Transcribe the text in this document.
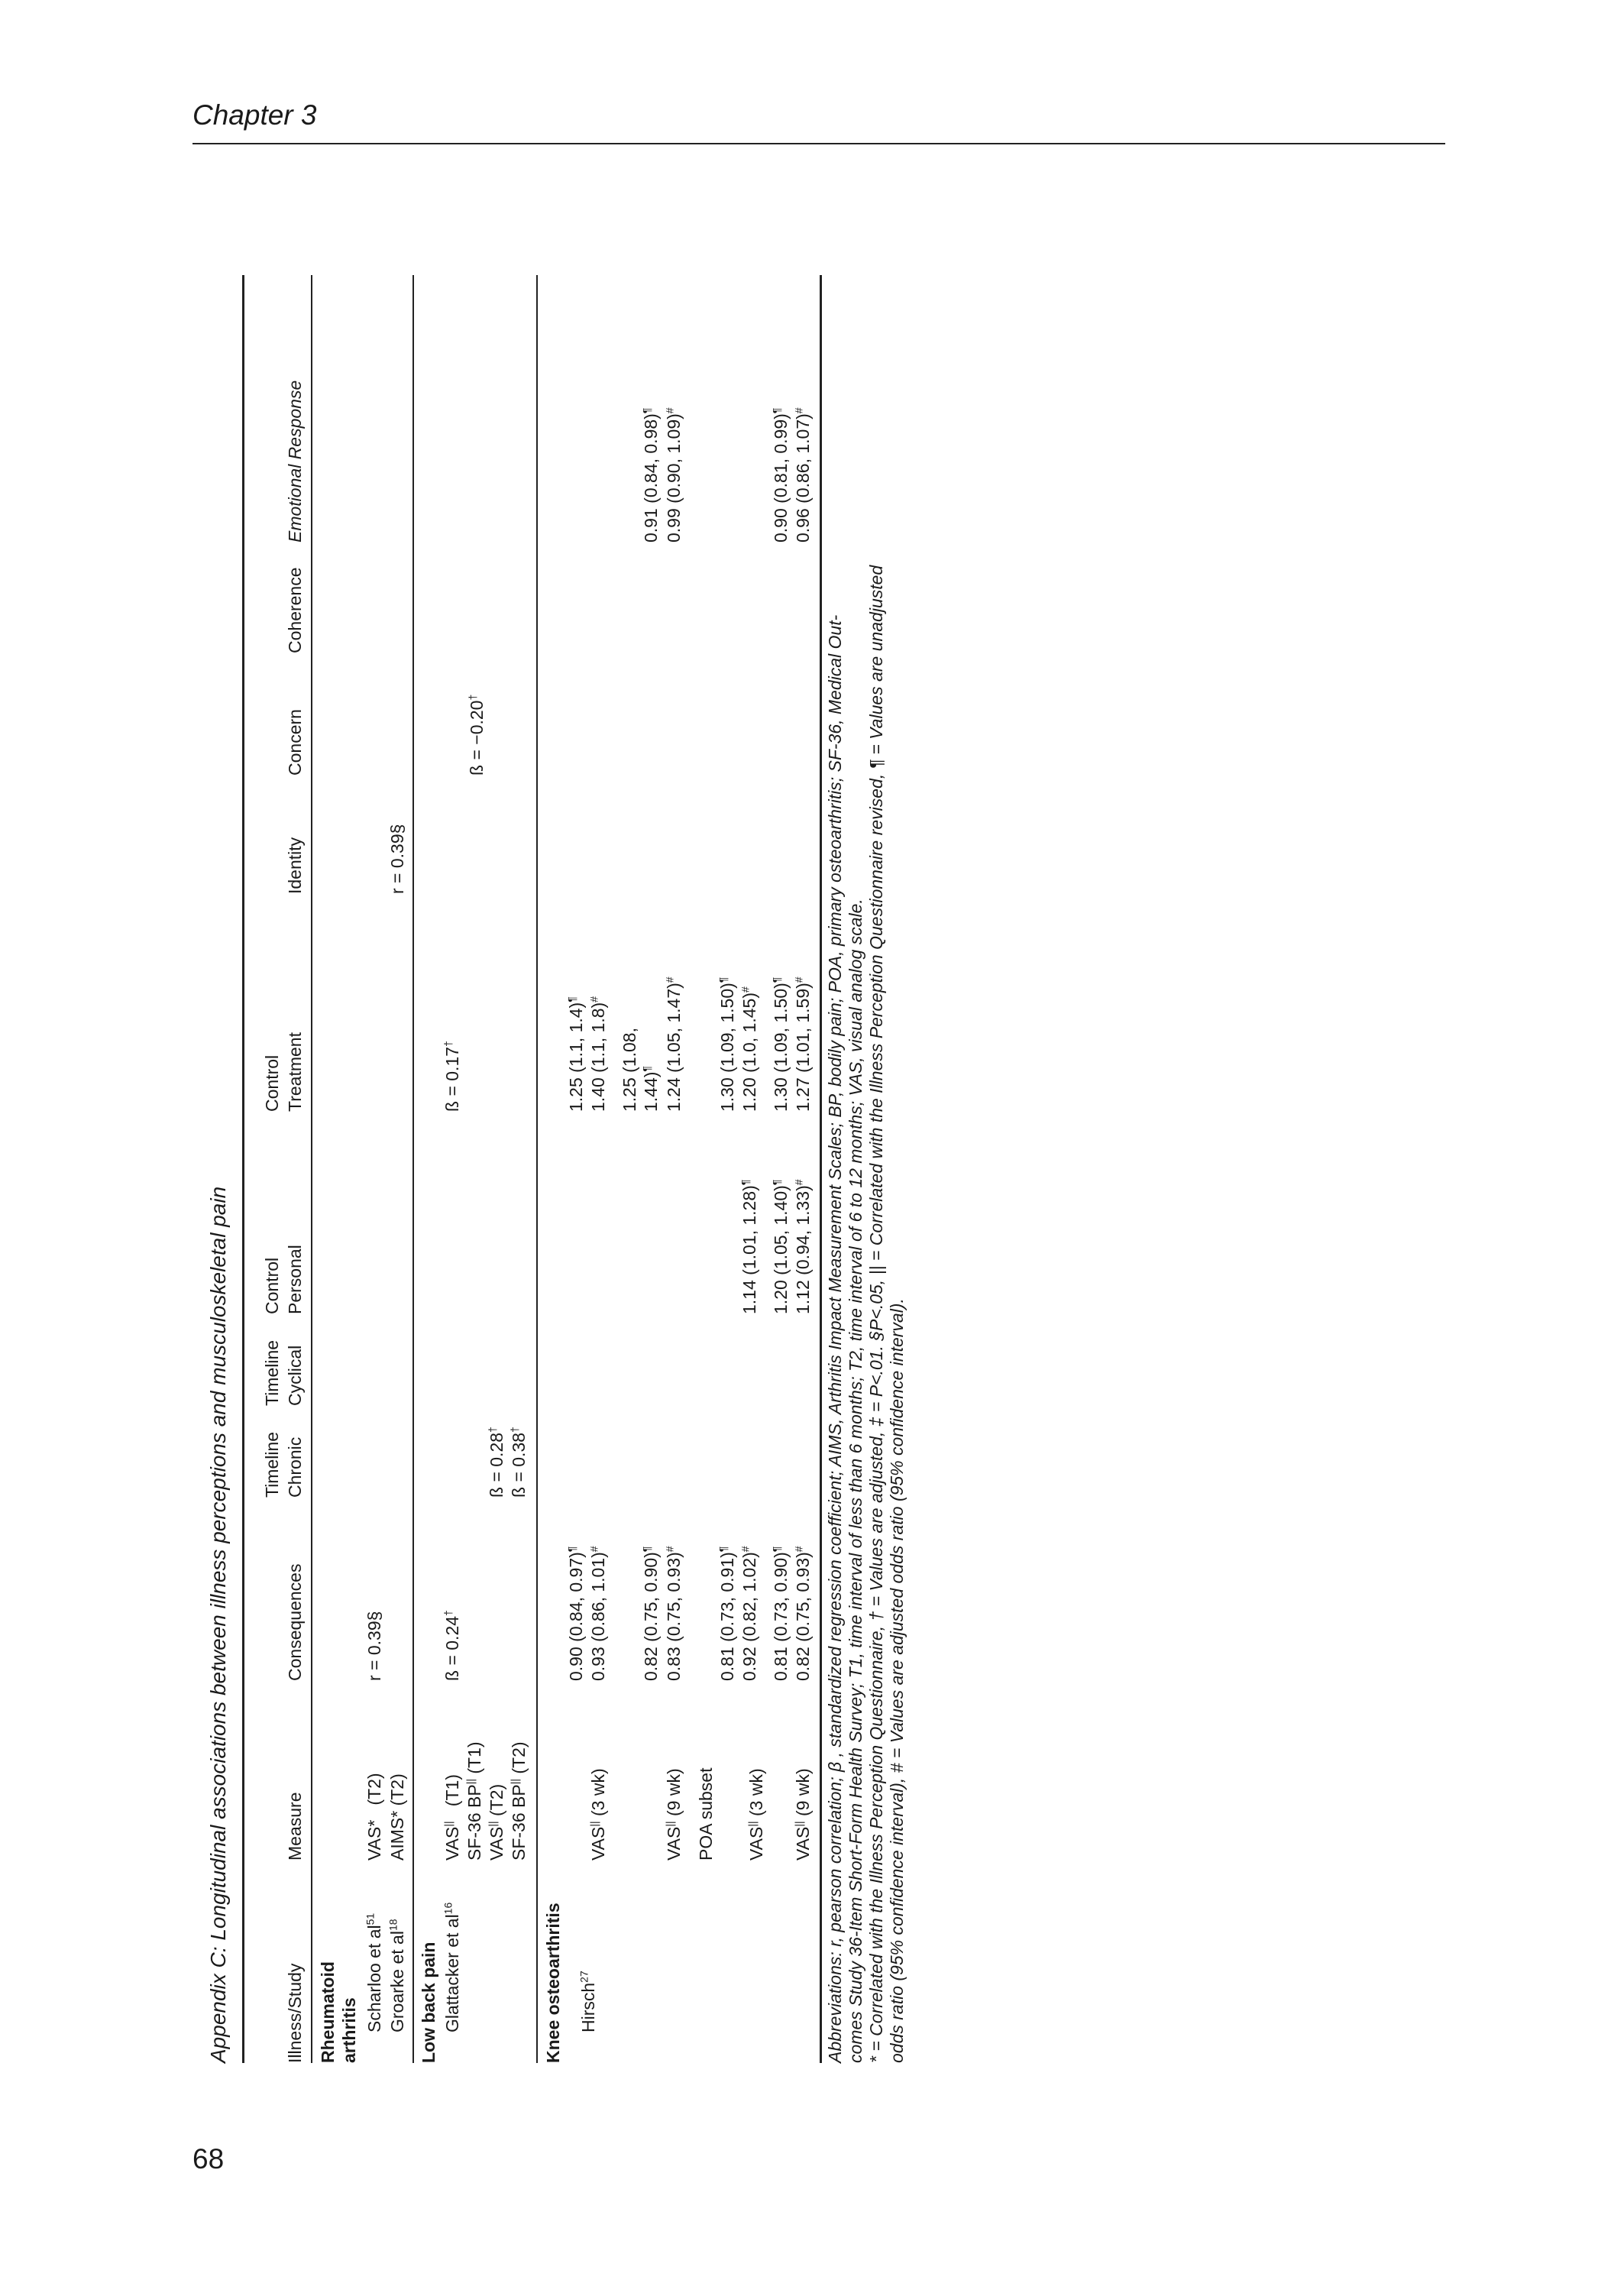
Chapter 3
68
Appendix C: Longitudinal associations between illness perceptions and musculoskeletal pain	Illness/Study
Measure
Consequences
Timeline Chronic
Timeline Cyclical
Control Personal
Control Treatment
Identity
Concern
Coherence
Emotional Response
Rheumatoid arthritis Scharloo et $al^{51}$
VAS*   (T2)
r = 0.39§
Groarke et $al^{18}$
AIMS* (T2)
r = 0.39§
Low back pain Glattacker et $al^{16}$
VAS||   (T1)
ß = 0.24†
ß = 0.17†
ß = −0.20†
SF-36 BP|| (T1)
VAS|| (T2)
ß = 0.28†
SF-36 BP|| (T2)
ß = 0.38†
Knee osteoarthritis
0.90 (0.84, 0.97)¶
1.25 (1.1, 1.4)¶
Hirsch$^{27}$
VAS|| (3 wk)
0.93 (0.86, 1.01)#
1.40 (1.1, 1.8)#
1.25 (1.08,
0.82 (0.75, 0.90)¶
1.44)¶
0.91 (0.84, 0.98)¶
VAS|| (9 wk)
0.83 (0.75, 0.93)#
1.24 (1.05, 1.47)#
0.99 (0.90, 1.09)#
POA subset
0.81 (0.73, 0.91)¶
1.30 (1.09, 1.50)¶
VAS|| (3 wk)
0.92 (0.82, 1.02)#
1.14 (1.01, 1.28)¶
1.20 (1.0, 1.45)#
0.81 (0.73, 0.90)¶
1.20 (1.05, 1.40)¶
1.30 (1.09, 1.50)¶
0.90 (0.81, 0.99)¶
VAS|| (9 wk)
0.82 (0.75, 0.93)#
1.12 (0.94, 1.33)#
1.27 (1.01, 1.59)#
0.96 (0.86, 1.07)#
Abbreviations: r, pearson correlation; β , standardized regression coefficient; AIMS, Arthritis Impact Measurement Scales; BP, bodily pain; POA, primary osteoarthritis; SF-36, Medical Out- comes Study 36-Item Short-Form Health Survey; T1, time interval of less than 6 months; T2, time interval of 6 to 12 months; VAS, visual analog scale. * = Correlated with the Illness Perception Questionnaire, † = Values are adjusted, ‡ = P<.01. §P<.05, || = Correlated with the Illness Perception Questionnaire revised, ¶ = Values are unadjusted odds ratio (95% confidence interval), # = Values are adjusted odds ratio (95% confidence interval).
